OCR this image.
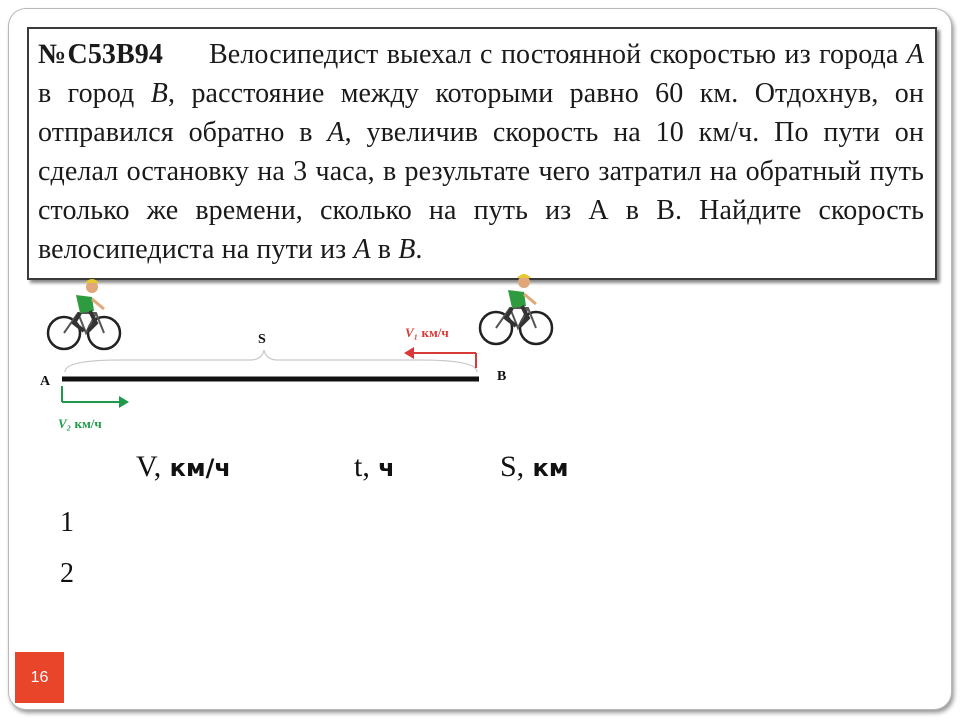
№C53B94 Велосипедист выехал с постоянной скоростью из города A в город B, расстояние между которыми равно 60 км. Отдохнув, он отправился обратно в A, увеличив скорость на 10 км/ч. По пути он сделал остановку на 3 часа, в результате чего затратил на обратный путь столько же времени, сколько на путь из А в В. Найдите скорость велосипедиста на пути из A в B.
A	B
S	V₁ км/ч
V₂ км/ч
V, км/ч	t, ч	S, км
1
2
16
